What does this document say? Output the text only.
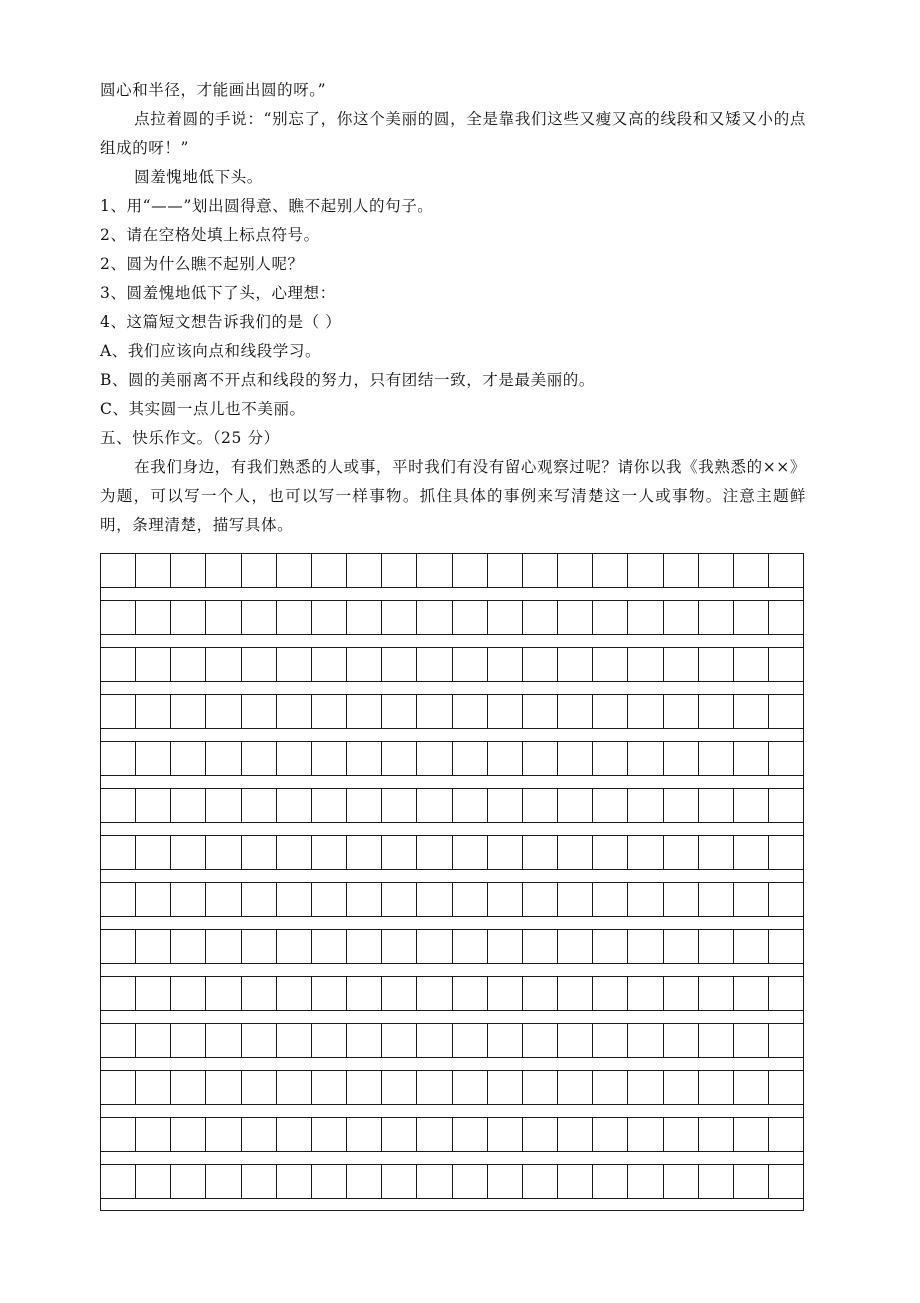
圆心和半径，才能画出圆的呀。”
点拉着圆的手说：“别忘了，你这个美丽的圆，全是靠我们这些又瘦又高的线段和又矮又小的点组成的呀！”
圆羞愧地低下头。
1、用“——”划出圆得意、瞧不起别人的句子。
2、请在空格处填上标点符号。
2、圆为什么瞧不起别人呢？
3、圆羞愧地低下了头，心理想：
4、这篇短文想告诉我们的是（ ）
A、我们应该向点和线段学习。
B、圆的美丽离不开点和线段的努力，只有团结一致，才是最美丽的。
C、其实圆一点儿也不美丽。
五、快乐作文。（25 分）
在我们身边，有我们熟悉的人或事，平时我们有没有留心观察过呢？请你以我《我熟悉的××》为题，可以写一个人，也可以写一样事物。抓住具体的事例来写清楚这一人或事物。注意主题鲜明，条理清楚，描写具体。
